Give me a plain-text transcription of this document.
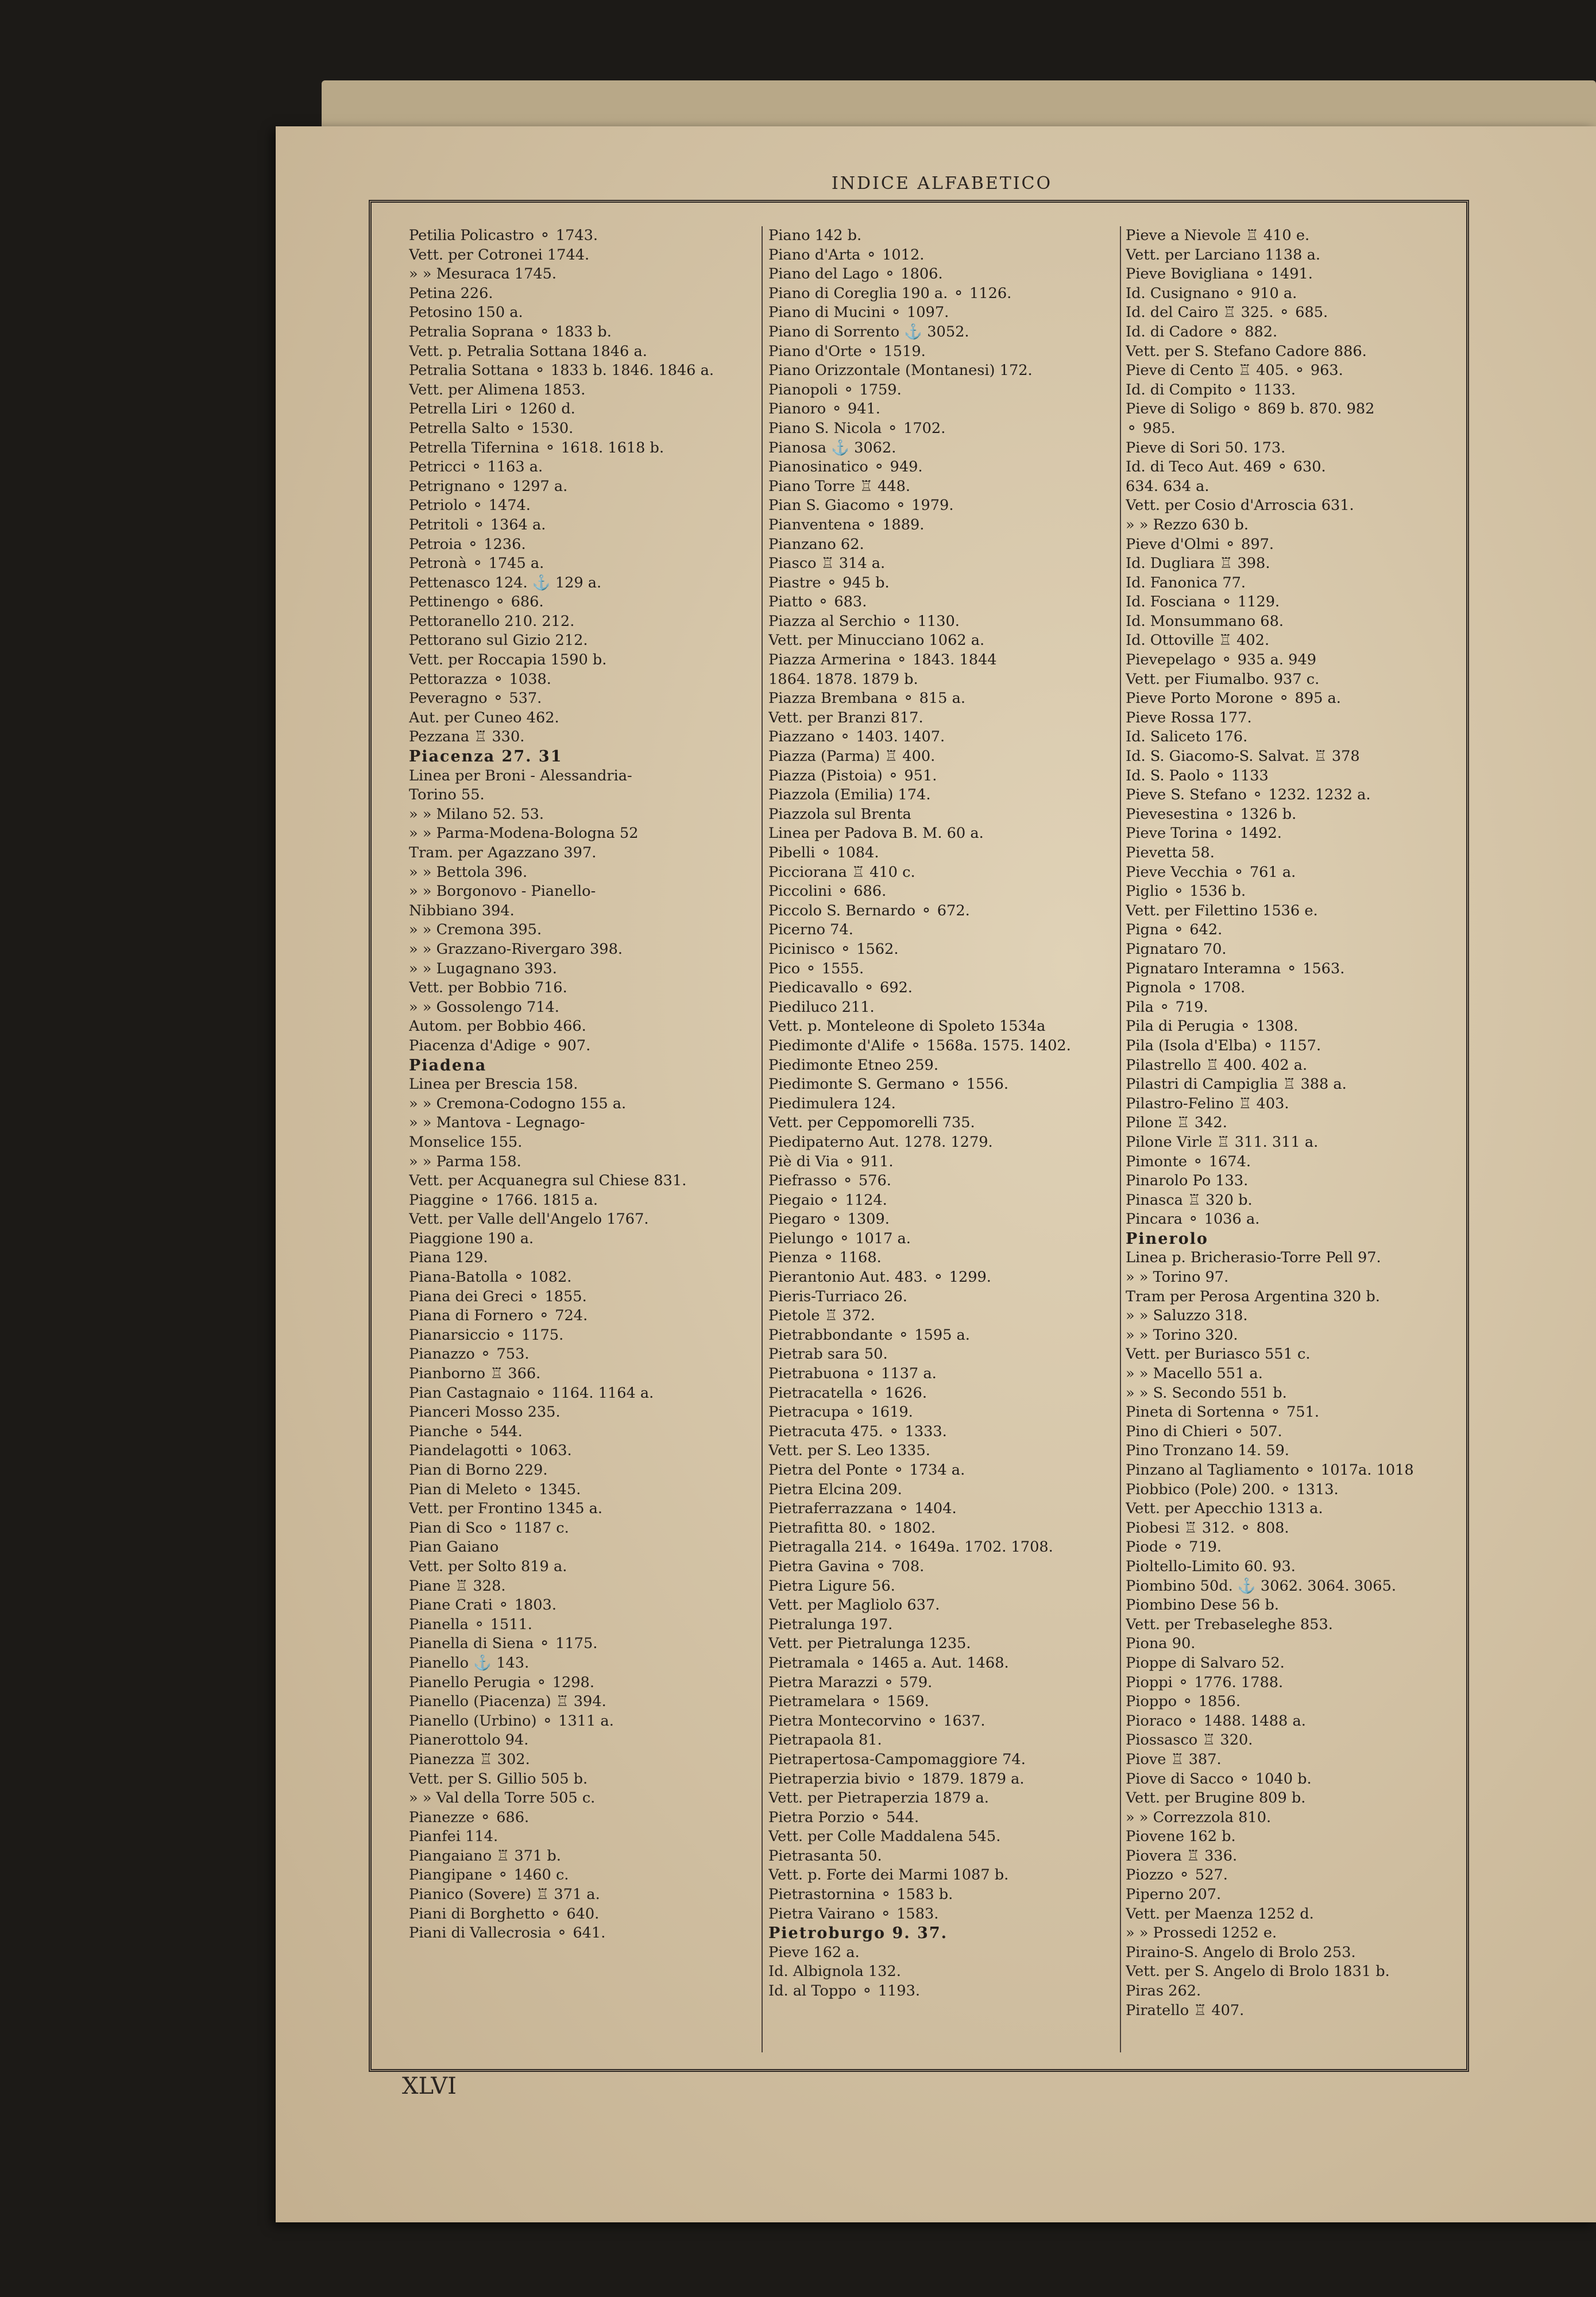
INDICE ALFABETICO
Petilia Policastro ⚬ 1743.
Vett. per Cotronei 1744.
» » Mesuraca 1745.
Petina 226.
Petosino 150 a.
Petralia Soprana ⚬ 1833 b.
Vett. p. Petralia Sottana 1846 a.
Petralia Sottana ⚬ 1833 b. 1846. 1846 a.
Vett. per Alimena 1853.
Petrella Liri ⚬ 1260 d.
Petrella Salto ⚬ 1530.
Petrella Tifernina ⚬ 1618. 1618 b.
Petricci ⚬ 1163 a.
Petrignano ⚬ 1297 a.
Petriolo ⚬ 1474.
Petritoli ⚬ 1364 a.
Petroia ⚬ 1236.
Petronà ⚬ 1745 a.
Pettenasco 124. ⚓ 129 a.
Pettinengo ⚬ 686.
Pettoranello 210. 212.
Pettorano sul Gizio 212.
Vett. per Roccapia 1590 b.
Pettorazza ⚬ 1038.
Peveragno ⚬ 537.
Aut. per Cuneo 462.
Pezzana ♖ 330.
Piacenza 27. 31
Linea per Broni - Alessandria-
Torino 55.
» » Milano 52. 53.
» » Parma-Modena-Bologna 52
Tram. per Agazzano 397.
» » Bettola 396.
» » Borgonovo - Pianello-
Nibbiano 394.
» » Cremona 395.
» » Grazzano-Rivergaro 398.
» » Lugagnano 393.
Vett. per Bobbio 716.
» » Gossolengo 714.
Autom. per Bobbio 466.
Piacenza d'Adige ⚬ 907.
Piadena
Linea per Brescia 158.
» » Cremona-Codogno 155 a.
» » Mantova - Legnago-
Monselice 155.
» » Parma 158.
Vett. per Acquanegra sul Chiese 831.
Piaggine ⚬ 1766. 1815 a.
Vett. per Valle dell'Angelo 1767.
Piaggione 190 a.
Piana 129.
Piana-Batolla ⚬ 1082.
Piana dei Greci ⚬ 1855.
Piana di Fornero ⚬ 724.
Pianarsiccio ⚬ 1175.
Pianazzo ⚬ 753.
Pianborno ♖ 366.
Pian Castagnaio ⚬ 1164. 1164 a.
Pianceri Mosso 235.
Pianche ⚬ 544.
Piandelagotti ⚬ 1063.
Pian di Borno 229.
Pian di Meleto ⚬ 1345.
Vett. per Frontino 1345 a.
Pian di Sco ⚬ 1187 c.
Pian Gaiano
Vett. per Solto 819 a.
Piane ♖ 328.
Piane Crati ⚬ 1803.
Pianella ⚬ 1511.
Pianella di Siena ⚬ 1175.
Pianello ⚓ 143.
Pianello Perugia ⚬ 1298.
Pianello (Piacenza) ♖ 394.
Pianello (Urbino) ⚬ 1311 a.
Pianerottolo 94.
Pianezza ♖ 302.
Vett. per S. Gillio 505 b.
» » Val della Torre 505 c.
Pianezze ⚬ 686.
Pianfei 114.
Piangaiano ♖ 371 b.
Piangipane ⚬ 1460 c.
Pianico (Sovere) ♖ 371 a.
Piani di Borghetto ⚬ 640.
Piani di Vallecrosia ⚬ 641.
Piano 142 b.
Piano d'Arta ⚬ 1012.
Piano del Lago ⚬ 1806.
Piano di Coreglia 190 a. ⚬ 1126.
Piano di Mucini ⚬ 1097.
Piano di Sorrento ⚓ 3052.
Piano d'Orte ⚬ 1519.
Piano Orizzontale (Montanesi) 172.
Pianopoli ⚬ 1759.
Pianoro ⚬ 941.
Piano S. Nicola ⚬ 1702.
Pianosa ⚓ 3062.
Pianosinatico ⚬ 949.
Piano Torre ♖ 448.
Pian S. Giacomo ⚬ 1979.
Pianventena ⚬ 1889.
Pianzano 62.
Piasco ♖ 314 a.
Piastre ⚬ 945 b.
Piatto ⚬ 683.
Piazza al Serchio ⚬ 1130.
Vett. per Minucciano 1062 a.
Piazza Armerina ⚬ 1843. 1844
1864. 1878. 1879 b.
Piazza Brembana ⚬ 815 a.
Vett. per Branzi 817.
Piazzano ⚬ 1403. 1407.
Piazza (Parma) ♖ 400.
Piazza (Pistoia) ⚬ 951.
Piazzola (Emilia) 174.
Piazzola sul Brenta
Linea per Padova B. M. 60 a.
Pibelli ⚬ 1084.
Picciorana ♖ 410 c.
Piccolini ⚬ 686.
Piccolo S. Bernardo ⚬ 672.
Picerno 74.
Picinisco ⚬ 1562.
Pico ⚬ 1555.
Piedicavallo ⚬ 692.
Piediluco 211.
Vett. p. Monteleone di Spoleto 1534a
Piedimonte d'Alife ⚬ 1568a. 1575. 1402.
Piedimonte Etneo 259.
Piedimonte S. Germano ⚬ 1556.
Piedimulera 124.
Vett. per Ceppomorelli 735.
Piedipaterno Aut. 1278. 1279.
Piè di Via ⚬ 911.
Piefrasso ⚬ 576.
Piegaio ⚬ 1124.
Piegaro ⚬ 1309.
Pielungo ⚬ 1017 a.
Pienza ⚬ 1168.
Pierantonio Aut. 483. ⚬ 1299.
Pieris-Turriaco 26.
Pietole ♖ 372.
Pietrabbondante ⚬ 1595 a.
Pietrab sara 50.
Pietrabuona ⚬ 1137 a.
Pietracatella ⚬ 1626.
Pietracupa ⚬ 1619.
Pietracuta 475. ⚬ 1333.
Vett. per S. Leo 1335.
Pietra del Ponte ⚬ 1734 a.
Pietra Elcina 209.
Pietraferrazzana ⚬ 1404.
Pietrafitta 80. ⚬ 1802.
Pietragalla 214. ⚬ 1649a. 1702. 1708.
Pietra Gavina ⚬ 708.
Pietra Ligure 56.
Vett. per Magliolo 637.
Pietralunga 197.
Vett. per Pietralunga 1235.
Pietramala ⚬ 1465 a. Aut. 1468.
Pietra Marazzi ⚬ 579.
Pietramelara ⚬ 1569.
Pietra Montecorvino ⚬ 1637.
Pietrapaola 81.
Pietrapertosa-Campomaggiore 74.
Pietraperzia bivio ⚬ 1879. 1879 a.
Vett. per Pietraperzia 1879 a.
Pietra Porzio ⚬ 544.
Vett. per Colle Maddalena 545.
Pietrasanta 50.
Vett. p. Forte dei Marmi 1087 b.
Pietrastornina ⚬ 1583 b.
Pietra Vairano ⚬ 1583.
Pietroburgo 9. 37.
Pieve 162 a.
Id. Albignola 132.
Id. al Toppo ⚬ 1193.
Pieve a Nievole ♖ 410 e.
Vett. per Larciano 1138 a.
Pieve Bovigliana ⚬ 1491.
Id. Cusignano ⚬ 910 a.
Id. del Cairo ♖ 325. ⚬ 685.
Id. di Cadore ⚬ 882.
Vett. per S. Stefano Cadore 886.
Pieve di Cento ♖ 405. ⚬ 963.
Id. di Compito ⚬ 1133.
Pieve di Soligo ⚬ 869 b. 870. 982
⚬ 985.
Pieve di Sori 50. 173.
Id. di Teco Aut. 469 ⚬ 630.
634. 634 a.
Vett. per Cosio d'Arroscia 631.
» » Rezzo 630 b.
Pieve d'Olmi ⚬ 897.
Id. Dugliara ♖ 398.
Id. Fanonica 77.
Id. Fosciana ⚬ 1129.
Id. Monsummano 68.
Id. Ottoville ♖ 402.
Pievepelago ⚬ 935 a. 949
Vett. per Fiumalbo. 937 c.
Pieve Porto Morone ⚬ 895 a.
Pieve Rossa 177.
Id. Saliceto 176.
Id. S. Giacomo-S. Salvat. ♖ 378
Id. S. Paolo ⚬ 1133
Pieve S. Stefano ⚬ 1232. 1232 a.
Pievesestina ⚬ 1326 b.
Pieve Torina ⚬ 1492.
Pievetta 58.
Pieve Vecchia ⚬ 761 a.
Piglio ⚬ 1536 b.
Vett. per Filettino 1536 e.
Pigna ⚬ 642.
Pignataro 70.
Pignataro Interamna ⚬ 1563.
Pignola ⚬ 1708.
Pila ⚬ 719.
Pila di Perugia ⚬ 1308.
Pila (Isola d'Elba) ⚬ 1157.
Pilastrello ♖ 400. 402 a.
Pilastri di Campiglia ♖ 388 a.
Pilastro-Felino ♖ 403.
Pilone ♖ 342.
Pilone Virle ♖ 311. 311 a.
Pimonte ⚬ 1674.
Pinarolo Po 133.
Pinasca ♖ 320 b.
Pincara ⚬ 1036 a.
Pinerolo
Linea p. Bricherasio-Torre Pell 97.
» » Torino 97.
Tram per Perosa Argentina 320 b.
» » Saluzzo 318.
» » Torino 320.
Vett. per Buriasco 551 c.
» » Macello 551 a.
» » S. Secondo 551 b.
Pineta di Sortenna ⚬ 751.
Pino di Chieri ⚬ 507.
Pino Tronzano 14. 59.
Pinzano al Tagliamento ⚬ 1017a. 1018
Piobbico (Pole) 200. ⚬ 1313.
Vett. per Apecchio 1313 a.
Piobesi ♖ 312. ⚬ 808.
Piode ⚬ 719.
Pioltello-Limito 60. 93.
Piombino 50d. ⚓ 3062. 3064. 3065.
Piombino Dese 56 b.
Vett. per Trebaseleghe 853.
Piona 90.
Pioppe di Salvaro 52.
Pioppi ⚬ 1776. 1788.
Pioppo ⚬ 1856.
Pioraco ⚬ 1488. 1488 a.
Piossasco ♖ 320.
Piove ♖ 387.
Piove di Sacco ⚬ 1040 b.
Vett. per Brugine 809 b.
» » Correzzola 810.
Piovene 162 b.
Piovera ♖ 336.
Piozzo ⚬ 527.
Piperno 207.
Vett. per Maenza 1252 d.
» » Prossedi 1252 e.
Piraino-S. Angelo di Brolo 253.
Vett. per S. Angelo di Brolo 1831 b.
Piras 262.
Piratello ♖ 407.
XLVI
